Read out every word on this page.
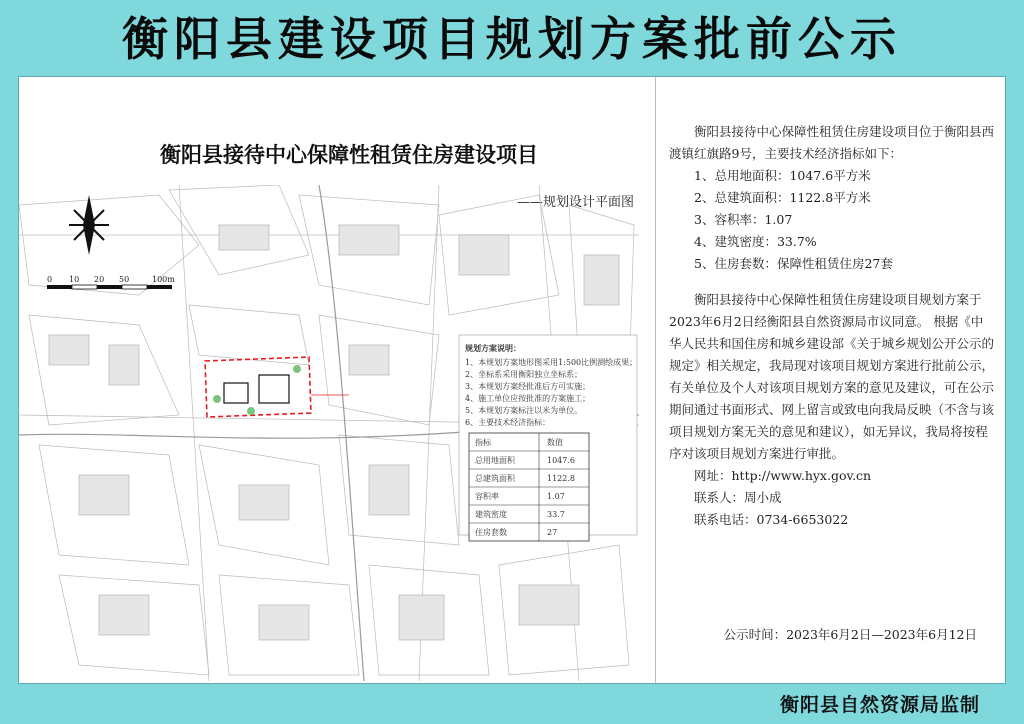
衡阳县建设项目规划方案批前公示
衡阳县接待中心保障性租赁住房建设项目
——规划设计平面图
0 10 20 50	100m
规划方案说明：
1、本规划方案地形图采用1:500比例测绘成果；
2、坐标系采用衡阳独立坐标系；
3、本规划方案经批准后方可实施；
4、施工单位应按批准的方案施工；
5、本规划方案标注以米为单位。
6、主要技术经济指标：
指标	数值
总用地面积	1047.6
总建筑面积	1122.8
容积率	1.07
建筑密度	33.7
住房套数	27

衡阳县接待中心保障性租赁住房建设项目位于衡阳县西渡镇红旗路9号，主要技术经济指标如下：

1、总用地面积：1047.6平方米

2、总建筑面积：1122.8平方米

3、容积率：1.07

4、建筑密度：33.7%

5、住房套数：保障性租赁住房27套

衡阳县接待中心保障性租赁住房建设项目规划方案于2023年6月2日经衡阳县自然资源局市议同意。 根据《中华人民共和国住房和城乡建设部《关于城乡规划公开公示的规定》相关规定，我局现对该项目规划方案进行批前公示，有关单位及个人对该项目规划方案的意见及建议，可在公示期间通过书面形式、网上留言或致电向我局反映（不含与该项目规划方案无关的意见和建议），如无异议，我局将按程序对该项目规划方案进行审批。

网址：http://www.hyx.gov.cn

联系人：周小成

联系电话：0734-6653022

公示时间：2023年6月2日—2023年6月12日
衡阳县自然资源局监制
